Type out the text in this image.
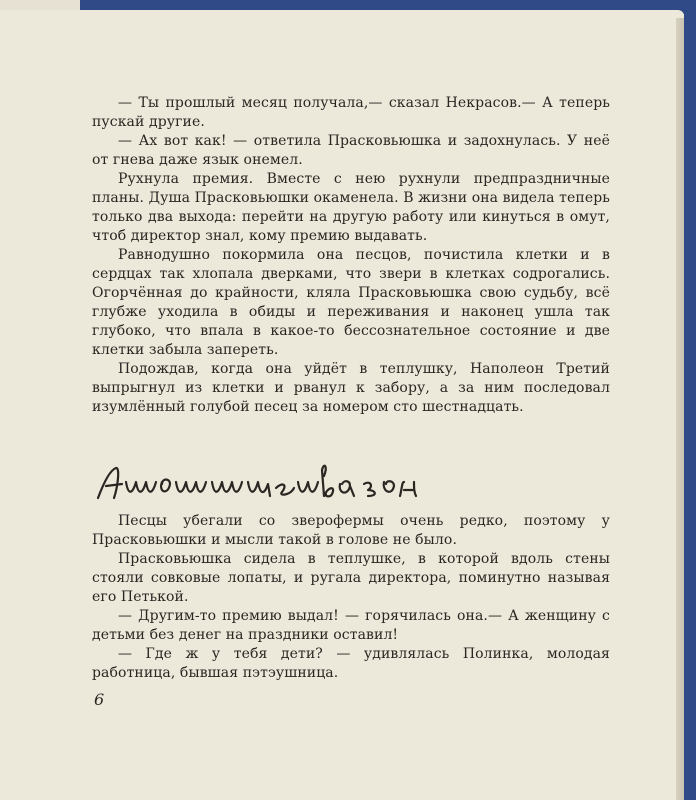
— Ты прошлый месяц получала,— сказал Некрасов.— А теперь пускай другие.

— Ах вот как! — ответила Прасковьюшка и задохнулась. У неё от гнева даже язык онемел.

Рухнула премия. Вместе с нею рухнули предпраздничные планы. Душа Прасковьюшки окаменела. В жизни она видела теперь только два выхода: перейти на другую работу или кинуться в омут, чтоб директор знал, кому премию выдавать.

Равнодушно покормила она песцов, почистила клетки и в сердцах так хлопала дверками, что звери в клетках содрогались. Огорчённая до крайности, кляла Прасковьюшка свою судьбу, всё глубже уходила в обиды и переживания и наконец ушла так глубоко, что впала в какое-то бессознательное состояние и две клетки забыла запереть.

Подождав, когда она уйдёт в теплушку, Наполеон Третий выпрыгнул из клетки и рванул к забору, а за ним последовал изумлённый голубой песец за номером сто шестнадцать.

Песцы убегали со зверофермы очень редко, поэтому у Прасковьюшки и мысли такой в голове не было.

Прасковьюшка сидела в теплушке, в которой вдоль стены стояли совковые лопаты, и ругала директора, поминутно называя его Петькой.

— Другим-то премию выдал! — горячилась она.— А женщину с детьми без денег на праздники оставил!

— Где ж у тебя дети? — удивлялась Полинка, молодая работница, бывшая пэтэушница.

6
